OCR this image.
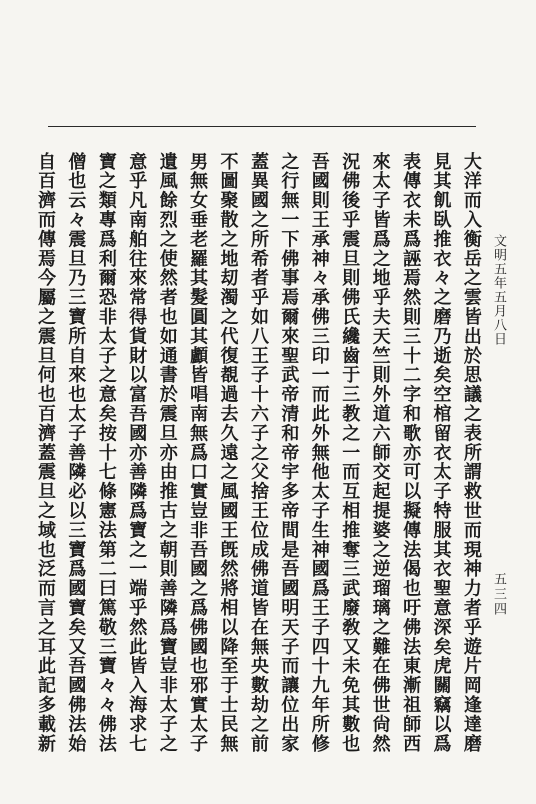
五三四
文明五年五月八日
大洋而入衡岳之雲皆出於思議之表所謂救世而現神力者乎遊片岡逢達磨
見其飢臥推衣々之磨乃逝矣空棺留衣太子特服其衣聖意深矣虎關竊以爲
表傳衣未爲誣焉然則三十二字和歌亦可以擬傳法偈也吁佛法東漸祖師西
來太子皆爲之地乎夫天竺則外道六師交起提婆之逆瑠璃之難在佛世尙然
況佛後乎震旦則佛氏纔齒于三教之一而互相推奪三武廢敎又未免其數也
吾國則王承神々承佛三印一而此外無他太子生神國爲王子四十九年所修
之行無一下佛事焉爾來聖武帝清和帝宇多帝間是吾國明天子而讓位出家
蓋異國之所希者乎如八王子十六子之父捨王位成佛道皆在無央數劫之前
不圖聚散之地刧濁之代復覩過去久遠之風國王旣然將相以降至于士民無
男無女垂老羅其髮圓其顱皆唱南無爲口實豈非吾國之爲佛國也邪實太子
遺風餘烈之使然者也如通書於震旦亦由推古之朝則善隣爲寶豈非太子之
意乎凡南舶往來常得貨財以富吾國亦善隣爲寶之一端乎然此皆入海求七
寶之類專爲利爾恐非太子之意矣按十七條憲法第二曰篤敬三寶々々佛法
僧也云々震旦乃三寶所自來也太子善隣必以三寶爲國寶矣又吾國佛法始
自百濟而傳焉今屬之震旦何也百濟蓋震旦之域也泛而言之耳此記多載新
